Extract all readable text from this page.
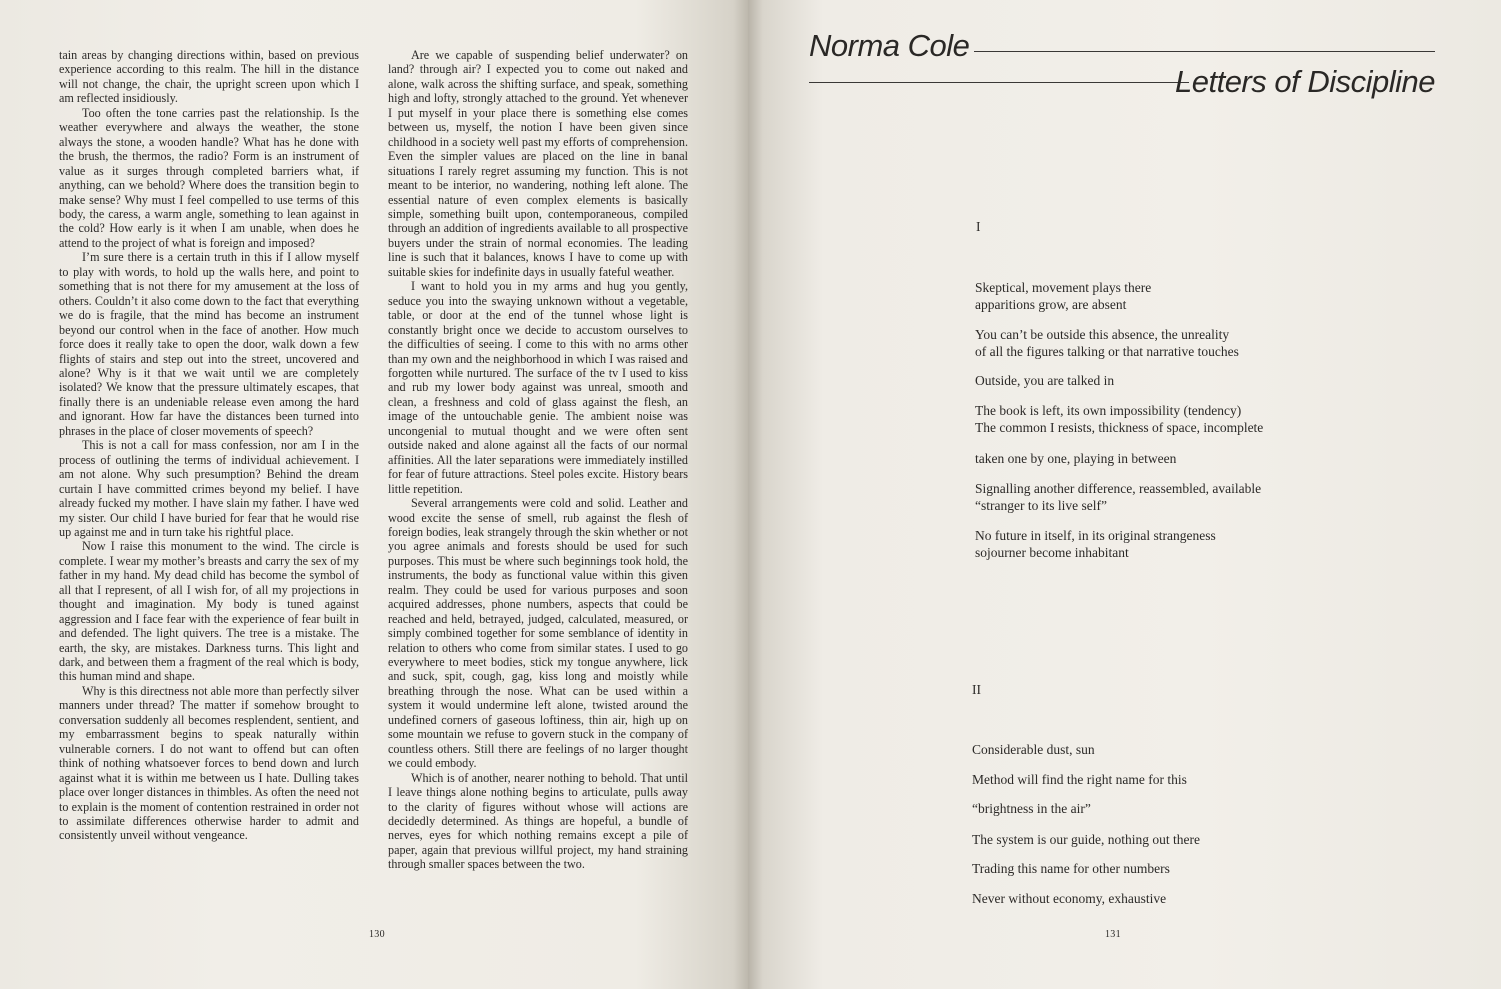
tain areas by changing directions within, based on previous experience according to this realm. The hill in the distance will not change, the chair, the upright screen upon which I am reflected insidiously.

Too often the tone carries past the relationship. Is the weather everywhere and always the weather, the stone always the stone, a wooden handle? What has he done with the brush, the thermos, the radio? Form is an instrument of value as it surges through completed barriers what, if anything, can we behold? Where does the transition begin to make sense? Why must I feel compelled to use terms of this body, the caress, a warm angle, something to lean against in the cold? How early is it when I am unable, when does he attend to the project of what is foreign and imposed?

I’m sure there is a certain truth in this if I allow myself to play with words, to hold up the walls here, and point to something that is not there for my amusement at the loss of others. Couldn’t it also come down to the fact that everything we do is fragile, that the mind has become an instrument beyond our control when in the face of another. How much force does it really take to open the door, walk down a few flights of stairs and step out into the street, uncovered and alone? Why is it that we wait until we are completely isolated? We know that the pressure ultimately escapes, that finally there is an undeniable release even among the hard and ignorant. How far have the distances been turned into phrases in the place of closer movements of speech?

This is not a call for mass confession, nor am I in the process of outlining the terms of individual achievement. I am not alone. Why such presumption? Behind the dream curtain I have committed crimes beyond my belief. I have already fucked my mother. I have slain my father. I have wed my sister. Our child I have buried for fear that he would rise up against me and in turn take his rightful place.

Now I raise this monument to the wind. The circle is complete. I wear my mother’s breasts and carry the sex of my father in my hand. My dead child has become the symbol of all that I represent, of all I wish for, of all my projections in thought and imagination. My body is tuned against aggression and I face fear with the experience of fear built in and defended. The light quivers. The tree is a mistake. The earth, the sky, are mistakes. Darkness turns. This light and dark, and between them a fragment of the real which is body, this human mind and shape.

Why is this directness not able more than perfectly silver manners under thread? The matter if somehow brought to conversation suddenly all becomes resplendent, sentient, and my embarrassment begins to speak naturally within vulnerable corners. I do not want to offend but can often think of nothing whatsoever forces to bend down and lurch against what it is within me between us I hate. Dulling takes place over longer distances in thimbles. As often the need not to explain is the moment of contention restrained in order not to assimilate differences otherwise harder to admit and consistently unveil without vengeance.

Are we capable of suspending belief underwater? on land? through air? I expected you to come out naked and alone, walk across the shifting surface, and speak, something high and lofty, strongly attached to the ground. Yet whenever I put myself in your place there is something else comes between us, myself, the notion I have been given since childhood in a society well past my efforts of comprehension. Even the simpler values are placed on the line in banal situations I rarely regret assuming my function. This is not meant to be interior, no wandering, nothing left alone. The essential nature of even complex elements is basically simple, something built upon, contemporaneous, compiled through an addition of ingredients available to all prospective buyers under the strain of normal economies. The leading line is such that it balances, knows I have to come up with suitable skies for indefinite days in usually fateful weather.

I want to hold you in my arms and hug you gently, seduce you into the swaying unknown without a vegetable, table, or door at the end of the tunnel whose light is constantly bright once we decide to accustom ourselves to the difficulties of seeing. I come to this with no arms other than my own and the neighborhood in which I was raised and forgotten while nurtured. The surface of the tv I used to kiss and rub my lower body against was unreal, smooth and clean, a freshness and cold of glass against the flesh, an image of the untouchable genie. The ambient noise was uncongenial to mutual thought and we were often sent outside naked and alone against all the facts of our normal affinities. All the later separations were immediately instilled for fear of future attractions. Steel poles excite. History bears little repetition.

Several arrangements were cold and solid. Leather and wood excite the sense of smell, rub against the flesh of foreign bodies, leak strangely through the skin whether or not you agree animals and forests should be used for such purposes. This must be where such beginnings took hold, the instruments, the body as functional value within this given realm. They could be used for various purposes and soon acquired addresses, phone numbers, aspects that could be reached and held, betrayed, judged, calculated, measured, or simply combined together for some semblance of identity in relation to others who come from similar states. I used to go everywhere to meet bodies, stick my tongue anywhere, lick and suck, spit, cough, gag, kiss long and moistly while breathing through the nose. What can be used within a system it would undermine left alone, twisted around the undefined corners of gaseous loftiness, thin air, high up on some mountain we refuse to govern stuck in the company of countless others. Still there are feelings of no larger thought we could embody.

Which is of another, nearer nothing to behold. That until I leave things alone nothing begins to articulate, pulls away to the clarity of figures without whose will actions are decidedly determined. As things are hopeful, a bundle of nerves, eyes for which nothing remains except a pile of paper, again that previous willful project, my hand straining through smaller spaces between the two.

130
Norma Cole
Letters of Discipline
I
Skeptical, movement plays there
apparitions grow, are absent
You can’t be outside this absence, the unreality
of all the figures talking or that narrative touches
Outside, you are talked in
The book is left, its own impossibility (tendency)
The common I resists, thickness of space, incomplete
taken one by one, playing in between
Signalling another difference, reassembled, available
“stranger to its live self”
No future in itself, in its original strangeness
sojourner become inhabitant
II
Considerable dust, sun
Method will find the right name for this
“brightness in the air”
The system is our guide, nothing out there
Trading this name for other numbers
Never without economy, exhaustive
131
